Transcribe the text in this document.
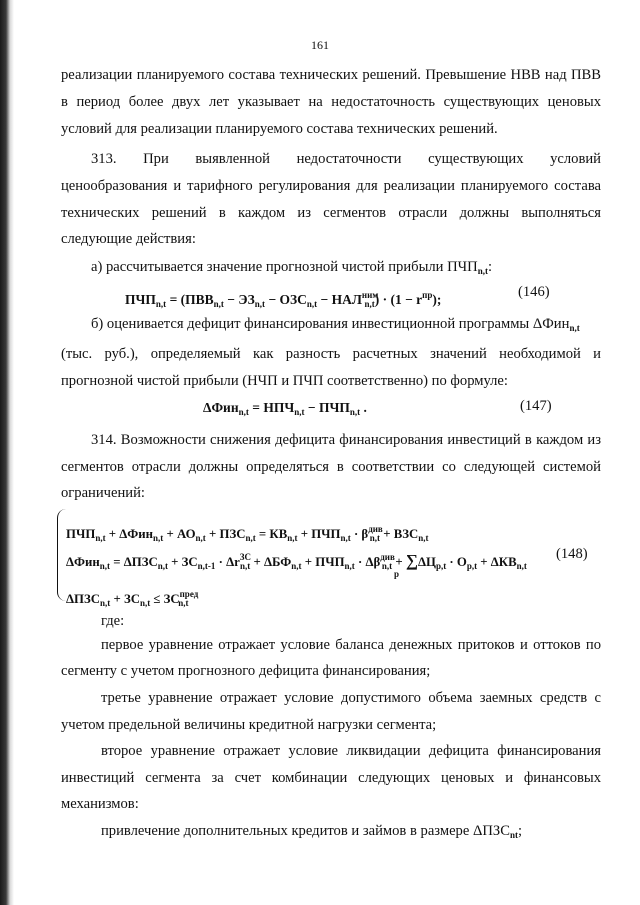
161
реализации планируемого состава технических решений. Превышение НВВ над ПВВ
в период более двух лет указывает на недостаточность существующих ценовых
условий для реализации планируемого состава технических решений.
313. При выявленной недостаточности существующих условий
ценообразования и тарифного регулирования для реализации планируемого состава
технических решений в каждом из сегментов отрасли должны выполняться
следующие действия:
а) рассчитывается значение прогнозной чистой прибыли $ПЧП_{n,t}$:
$ПЧП_{n,t} = (ПВВ_{n,t} - ЭЗ_{n,t} - ОЗС_{n,t} - НАЛ^{ним}_{n,t}) \cdot (1 - r^{пр})$;	(146)
б) оценивается дефицит финансирования инвестиционной программы ΔФин$_{n,t}$
(тыс. руб.), определяемый как разность расчетных значений необходимой и
прогнозной чистой прибыли (НЧП и ПЧП соответственно) по формуле:
$\Delta Фин_{n,t} = НПЧ_{n,t} - ПЧП_{n,t}$ .	(147)
314. Возможности снижения дефицита финансирования инвестиций в каждом из
сегментов отрасли должны определяться в соответствии со следующей системой
ограничений:
$ПЧП_{n,t} + \Delta Фин_{n,t} + АО_{n,t} + ПЗС_{n,t} = КВ_{n,t} + ПЧП_{n,t} \cdot \beta^{див}_{n,t} + ВЗС_{n,t}$
$\Delta Фин_{n,t} = \Delta ПЗС_{n,t} + ЗС_{n,t-1} \cdot \Delta r^{ЗС}_{n,t} + \Delta БФ_{n,t} + ПЧП_{n,t} \cdot \Delta\beta^{див}_{n,t} + \sum\Delta Ц_{p,t} \cdot О_{p,t} + \Delta КВ_{n,t}$
p
(148)
$\Delta ПЗС_{n,t} + ЗС_{n,t} \le ЗС^{пред}_{n,t}$
где:
первое уравнение отражает условие баланса денежных притоков и оттоков по
сегменту с учетом прогнозного дефицита финансирования;
третье уравнение отражает условие допустимого объема заемных средств с
учетом предельной величины кредитной нагрузки сегмента;
второе уравнение отражает условие ликвидации дефицита финансирования
инвестиций сегмента за счет комбинации следующих ценовых и финансовых
механизмов:
привлечение дополнительных кредитов и займов в размере $\Delta ПЗС_{nt}$;
